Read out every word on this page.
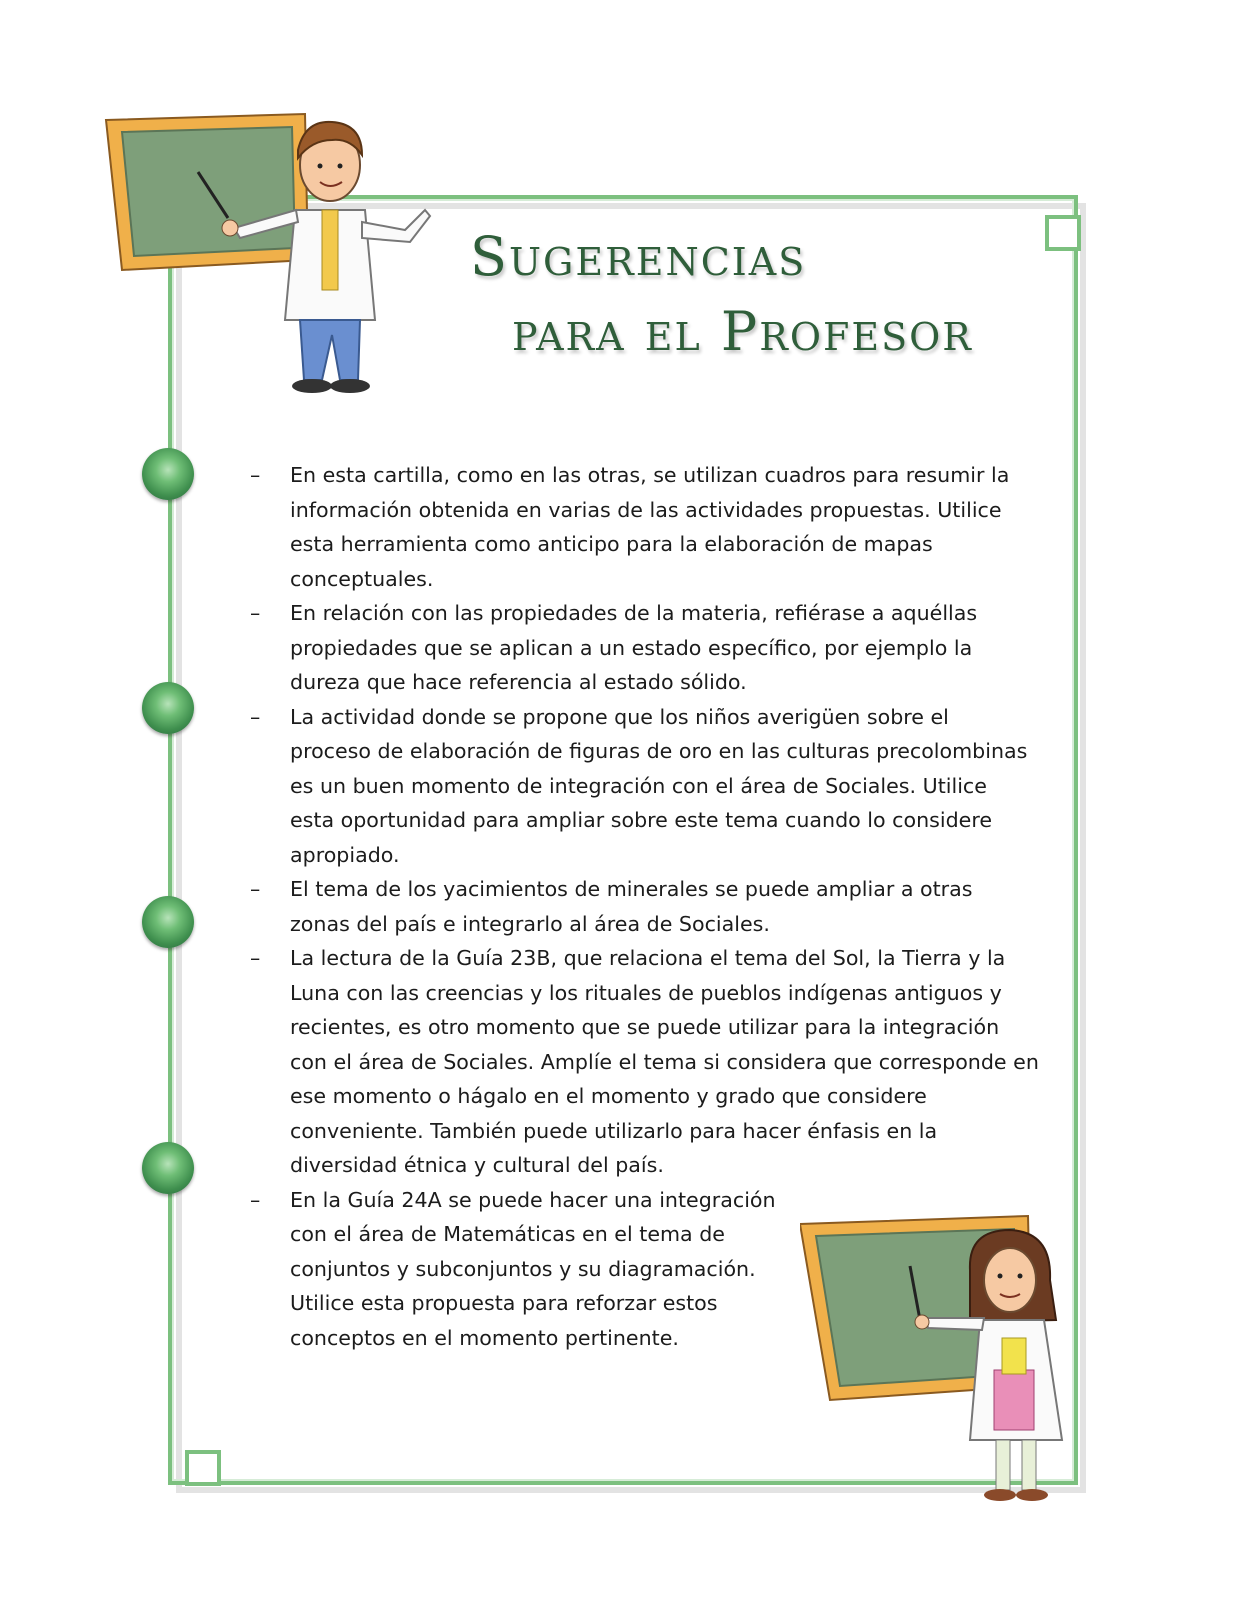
Sugerencias
para el Profesor
– En esta cartilla, como en las otras, se utilizan cuadros para resumir la información obtenida en varias de las actividades propuestas. Utilice esta herramienta como anticipo para la elaboración de mapas conceptuales.
– En relación con las propiedades de la materia, refiérase a aquéllas propiedades que se aplican a un estado específico, por ejemplo la dureza que hace referencia al estado sólido.
– La actividad donde se propone que los niños averigüen sobre el proceso de elaboración de figuras de oro en las culturas precolombinas es un buen momento de integración con el área de Sociales. Utilice esta oportunidad para ampliar sobre este tema cuando lo considere apropiado.
– El tema de los yacimientos de minerales se puede ampliar a otras zonas del país e integrarlo al área de Sociales.
– La lectura de la Guía 23B, que relaciona el tema del Sol, la Tierra y la Luna con las creencias y los rituales de pueblos indígenas antiguos y recientes, es otro momento que se puede utilizar para la integración con el área de Sociales. Amplíe el tema si considera que corresponde en ese momento o hágalo en el momento y grado que considere conveniente. También puede utilizarlo para hacer énfasis en la diversidad étnica y cultural del país.
– En la Guía 24A se puede hacer una integración con el área de Matemáticas en el tema de conjuntos y subconjuntos y su diagramación. Utilice esta propuesta para reforzar estos conceptos en el momento pertinente.
